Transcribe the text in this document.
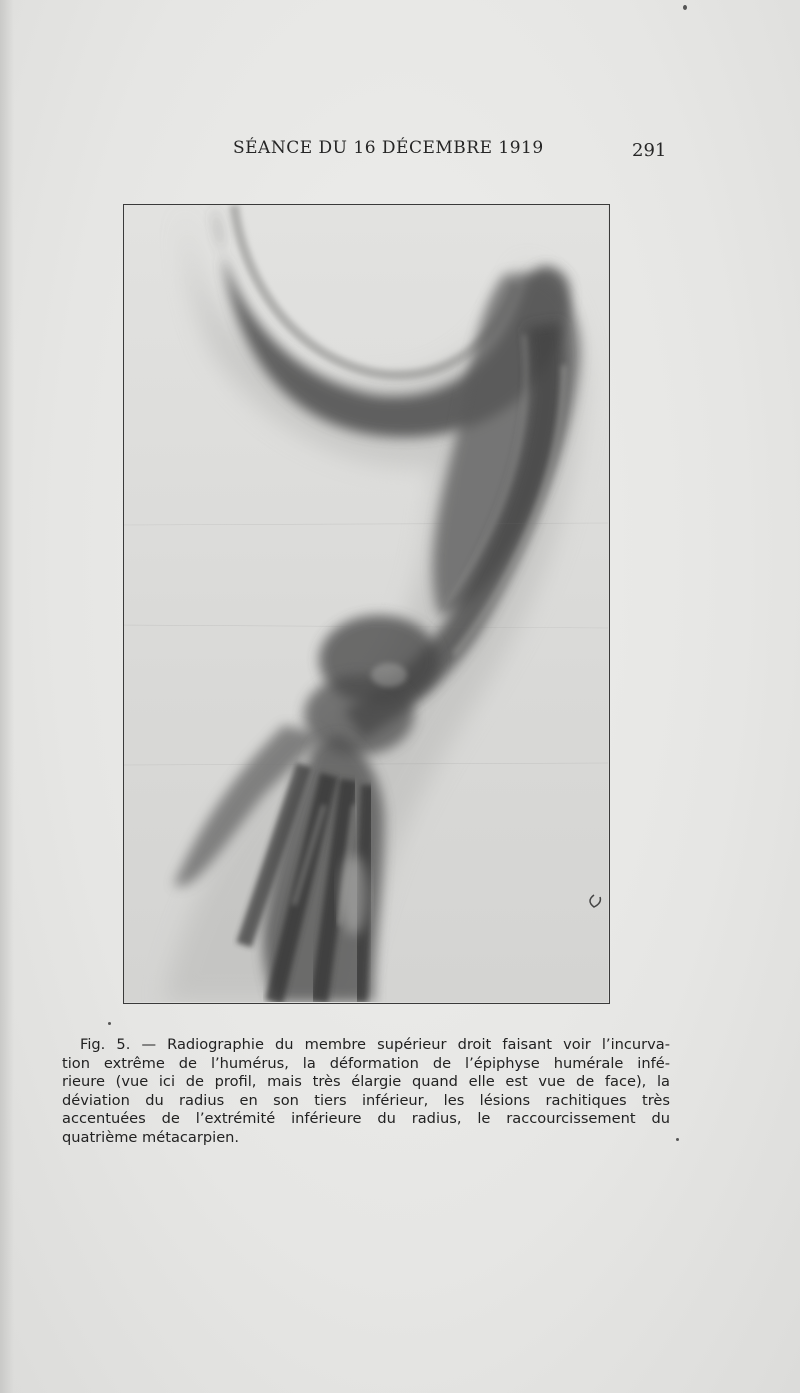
SÉANCE DU 16 DÉCEMBRE 1919	291
Fig. 5. — Radiographie du membre supérieur droit faisant voir l’incurva-
tion extrême de l’humérus, la déformation de l’épiphyse humérale infé-
rieure (vue ici de profil, mais très élargie quand elle est vue de face), la
déviation du radius en son tiers inférieur, les lésions rachitiques très
accentuées de l’extrémité inférieure du radius, le raccourcissement du
quatrième métacarpien.
